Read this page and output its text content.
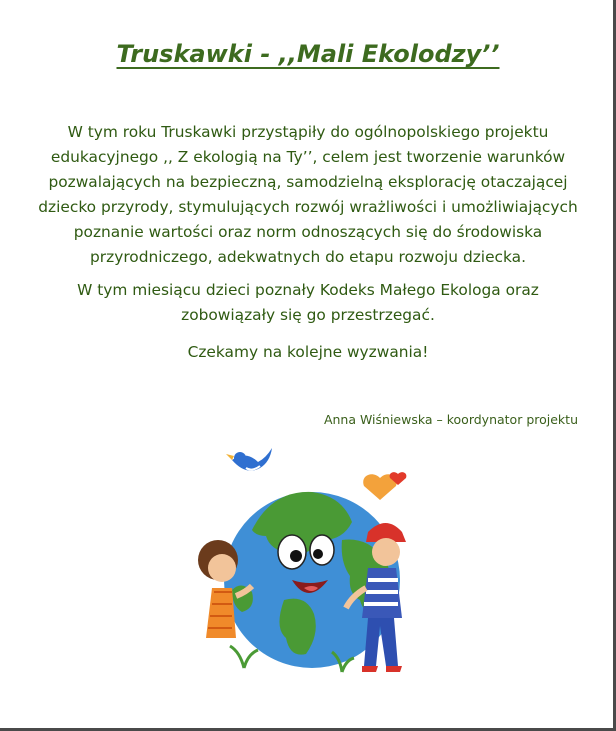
Truskawki - ,,Mali Ekolodzy’’

W tym roku Truskawki przystąpiły do ogólnopolskiego projektu edukacyjnego ,, Z ekologią na Ty’’, celem jest tworzenie warunków pozwalających na bezpieczną, samodzielną eksplorację otaczającej dziecko przyrody, stymulujących rozwój wrażliwości i umożliwiających poznanie wartości oraz norm odnoszących się do środowiska przyrodniczego, adekwatnych do etapu rozwoju dziecka.

W tym miesiącu dzieci poznały Kodeks Małego Ekologa oraz zobowiązały się go przestrzegać.

Czekamy na kolejne wyzwania!

Anna Wiśniewska – koordynator projektu
